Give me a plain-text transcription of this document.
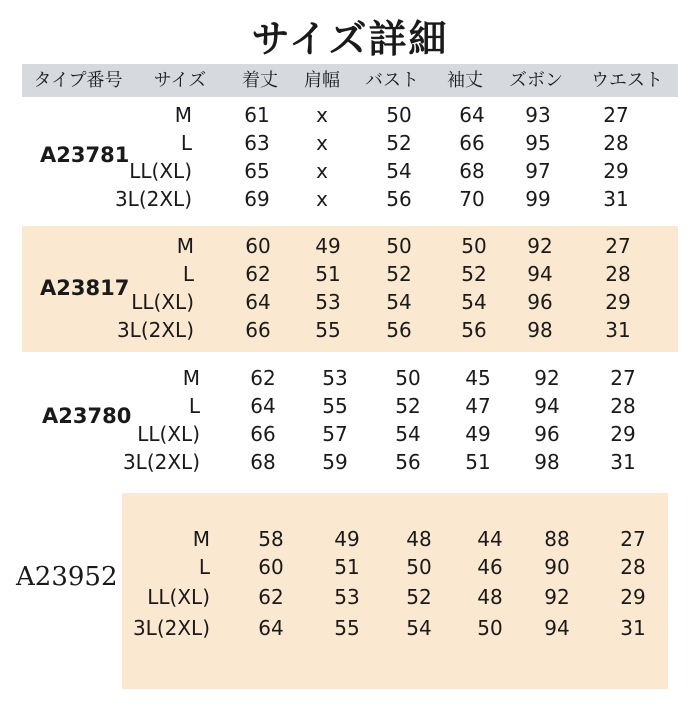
サイズ詳細
タイプ番号	サイズ	着丈	肩幅	バスト	袖丈	ズボン	ウエスト
A23781
M	61	x	50	64	93	27
L	63	x	52	66	95	28
LL(XL)	65	x	54	68	97	29
3L(2XL)	69	x	56	70	99	31
A23817
M	60	49	50	50	92	27
L	62	51	52	52	94	28
LL(XL)	64	53	54	54	96	29
3L(2XL)	66	55	56	56	98	31
A23780
M	62	53	50	45	92	27
L	64	55	52	47	94	28
LL(XL)	66	57	54	49	96	29
3L(2XL)	68	59	56	51	98	31
A23952
M	58	49	48	44	88	27
L	60	51	50	46	90	28
LL(XL)	62	53	52	48	92	29
3L(2XL)	64	55	54	50	94	31
